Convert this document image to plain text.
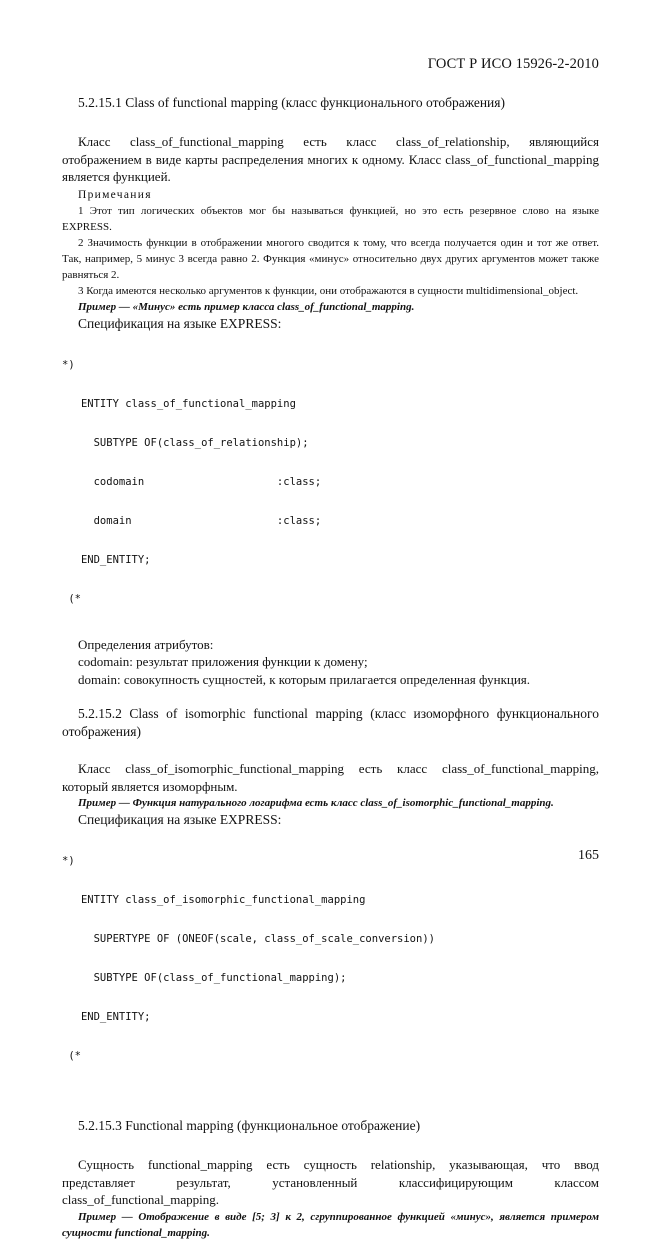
ГОСТ Р ИСО 15926-2-2010

5.2.15.1 Class of functional mapping (класс функционального отображения)

Класс class_of_functional_mapping есть класс class_of_relationship, являющийся отображением в виде карты распределения многих к одному. Класс class_of_functional_mapping является функцией.

Примечания

1 Этот тип логических объектов мог бы называться функцией, но это есть резервное слово на языке EXPRESS.

2 Значимость функции в отображении многого сводится к тому, что всегда получается один и тот же ответ. Так, например, 5 минус 3 всегда равно 2. Функция «минус» относительно двух других аргументов может также равняться 2.

3 Когда имеются несколько аргументов к функции, они отображаются в сущности multidimensional_object.

Пример — «Минус» есть пример класса class_of_functional_mapping.

Спецификация на языке EXPRESS:

*)

ENTITY class_of_functional_mapping

SUBTYPE OF(class_of_relationship);

codomain                     :class;

domain                       :class;

END_ENTITY;

(*

Определения атрибутов:

codomain: результат приложения функции к домену;

domain: совокупность сущностей, к которым прилагается определенная функция.

5.2.15.2 Class of isomorphic functional mapping (класс изоморфного функционального отображения)

Класс class_of_isomorphic_functional_mapping есть класс class_of_functional_mapping, который является изоморфным.

Пример — Функция натурального логарифма есть класс class_of_isomorphic_functional_mapping.

Спецификация на языке EXPRESS:

*)

ENTITY class_of_isomorphic_functional_mapping

SUPERTYPE OF (ONEOF(scale, class_of_scale_conversion))

SUBTYPE OF(class_of_functional_mapping);

END_ENTITY;

(*

5.2.15.3 Functional mapping (функциональное отображение)

Сущность functional_mapping есть сущность relationship, указывающая, что ввод представляет результат, установленный классифицирующим классом class_of_functional_mapping.

Пример — Отображение в виде [5; 3] к 2, сгруппированное функцией «минус», является примером сущности functional_mapping.

165
